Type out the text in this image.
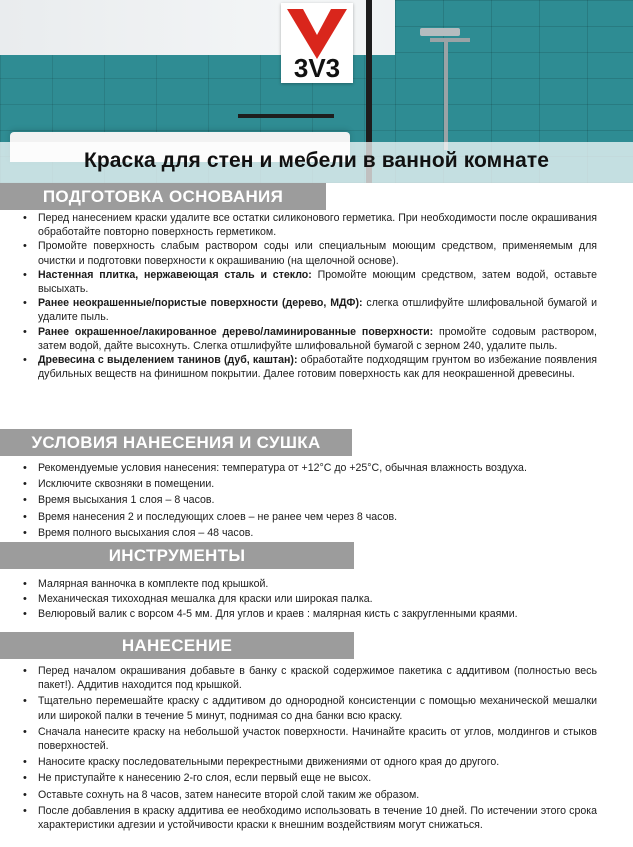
Краска для стен и мебели в ванной комнате
3V3
ПОДГОТОВКА ОСНОВАНИЯ
• Перед нанесением краски удалите все остатки силиконового герметика. При необходимости после окрашивания обработайте повторно поверхность герметиком.
• Промойте поверхность слабым раствором соды или специальным моющим средством, применяемым для очистки и подготовки поверхности к окрашиванию (на щелочной основе).
• Настенная плитка, нержавеющая сталь и стекло: Промойте моющим средством, затем водой, оставьте высыхать.
• Ранее неокрашенные/пористые поверхности (дерево, МДФ): слегка отшлифуйте шлифовальной бумагой и удалите пыль.
• Ранее окрашенное/лакированное дерево/ламинированные поверхности: промойте содовым раствором, затем водой, дайте высохнуть. Слегка отшлифуйте шлифовальной бумагой с зерном 240, удалите пыль.
• Древесина с выделением танинов (дуб, каштан): обработайте подходящим грунтом во избежание появления дубильных веществ на финишном покрытии. Далее готовим поверхность как для неокрашенной древесины.
УСЛОВИЯ НАНЕСЕНИЯ И СУШКА
• Рекомендуемые условия нанесения: температура от +12°C до +25°C, обычная влажность воздуха.
• Исключите сквозняки в помещении.
• Время высыхания 1 слоя – 8 часов.
• Время нанесения 2 и последующих слоев – не ранее чем через 8 часов.
• Время полного высыхания слоя – 48 часов.
ИНСТРУМЕНТЫ
• Малярная ванночка в комплекте под крышкой.
• Механическая тихоходная мешалка для краски или широкая палка.
• Велюровый валик с ворсом 4-5 мм. Для углов и краев : малярная кисть с закругленными краями.
НАНЕСЕНИЕ
• Перед началом окрашивания добавьте в банку с краской содержимое пакетика с аддитивом (полностью весь пакет!). Аддитив находится под крышкой.
• Тщательно перемешайте краску с аддитивом до однородной консистенции с помощью механической мешалки или широкой палки в течение 5 минут, поднимая со дна банки всю краску.
• Сначала нанесите краску на небольшой участок поверхности. Начинайте красить от углов, молдингов и стыков поверхностей.
• Наносите краску последовательными перекрестными движениями от одного края до другого.
• Не приступайте к нанесению 2-го слоя, если первый еще не высох.
• Оставьте сохнуть на 8 часов, затем нанесите второй слой таким же образом.
• После добавления в краску аддитива ее необходимо использовать в течение 10 дней. По истечении этого срока характеристики адгезии и устойчивости краски к внешним воздействиям могут снижаться.
